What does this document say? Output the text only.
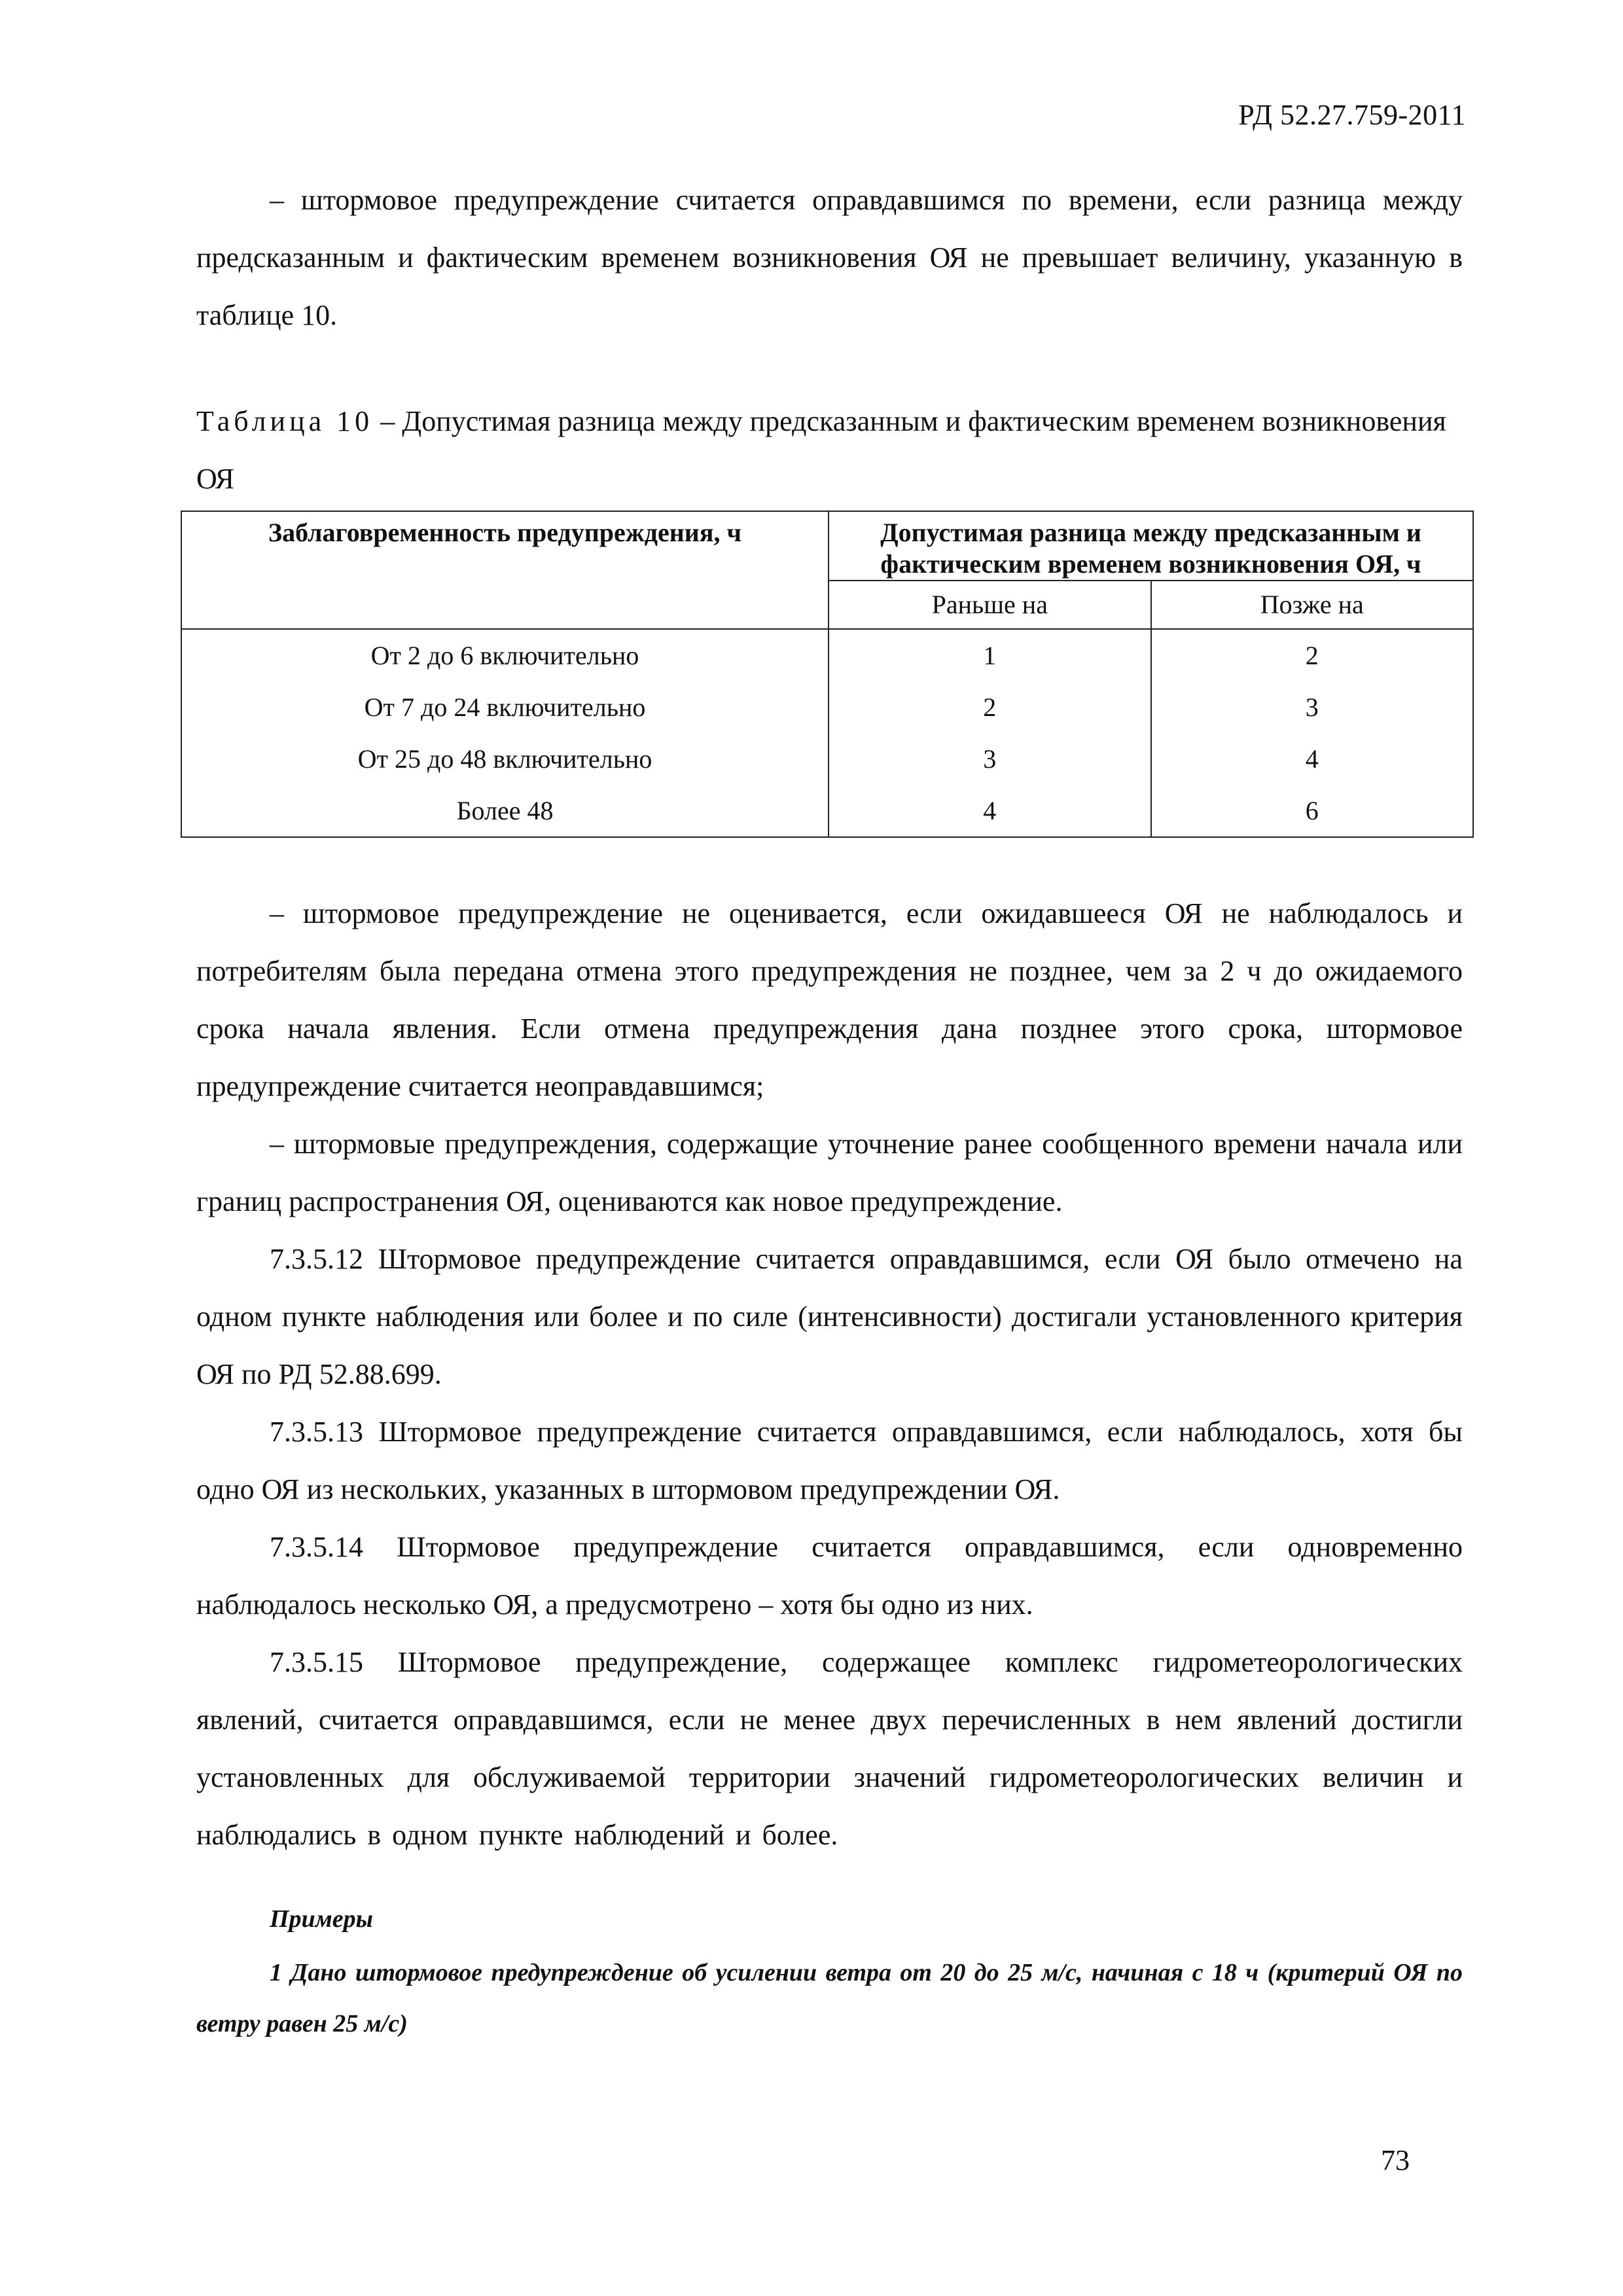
РД 52.27.759-2011

– штормовое предупреждение считается оправдавшимся по времени, если разница между предсказанным и фактическим временем возникновения ОЯ не превышает величину, указанную в таблице 10.

Таблица 10 – Допустимая разница между предсказанным и фактическим временем возникновения ОЯ
Заблаговременность предупреждения, ч	Допустимая разница между предсказанным и фактическим временем возникновения ОЯ, ч	
	Раньше на	Позже на
От 2 до 6 включительно	1	2
От 7 до 24 включительно	2	3
От 25 до 48 включительно	3	4
Более 48	4	6

– штормовое предупреждение не оценивается, если ожидавшееся ОЯ не наблюдалось и потребителям была передана отмена этого предупреждения не позднее, чем за 2 ч до ожидаемого срока начала явления. Если отмена предупреждения дана позднее этого срока, штормовое предупреждение считается неоправдавшимся;

– штормовые предупреждения, содержащие уточнение ранее сообщенного времени начала или границ распространения ОЯ, оцениваются как новое предупреждение.

7.3.5.12 Штормовое предупреждение считается оправдавшимся, если ОЯ было отмечено на одном пункте наблюдения или более и по силе (интенсивности) достигали установленного критерия ОЯ по РД 52.88.699.

7.3.5.13 Штормовое предупреждение считается оправдавшимся, если наблюдалось, хотя бы одно ОЯ из нескольких, указанных в штормовом предупреждении ОЯ.

7.3.5.14 Штормовое предупреждение считается оправдавшимся, если одновременно наблюдалось несколько ОЯ, а предусмотрено – хотя бы одно из них.

7.3.5.15 Штормовое предупреждение, содержащее комплекс гидрометеорологических явлений, считается оправдавшимся, если не менее двух перечисленных в нем явлений достигли установленных для обслуживаемой территории значений гидрометеорологических величин и наблюдались в одном пункте наблюдений и более.

Примеры

1 Дано штормовое предупреждение об усилении ветра от 20 до 25 м/с, начиная с 18 ч (критерий ОЯ по ветру равен 25 м/с)

73
